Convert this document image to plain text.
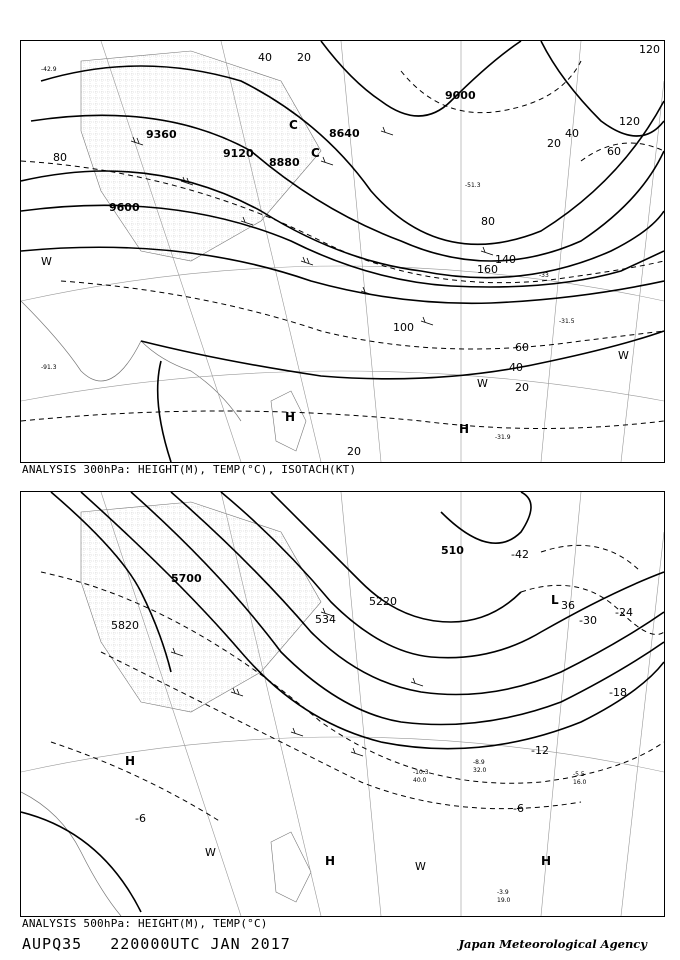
9360
9120
8880
8640
9600
9000
40 20
80
120
160
100
60
140
40
20
60
80
120
40
20
20
-42.9
-51.3
-33
-31.5
-91.3
-31.9
C
C
H
H
W
W
W
ANALYSIS 300hPa: HEIGHT(M), TEMP(°C), ISOTACH(KT)
5700
5820
5220
534
510
L 36
-42
-30
-24
-18
-12
-6
-6
H
H	H
W
W
-3.9
19.0
-5.5
16.0
-8.9
32.0
-10.3
40.0
ANALYSIS 500hPa: HEIGHT(M), TEMP(°C)
AUPQ35 220000UTC JAN 2017	Japan Meteorological Agency
